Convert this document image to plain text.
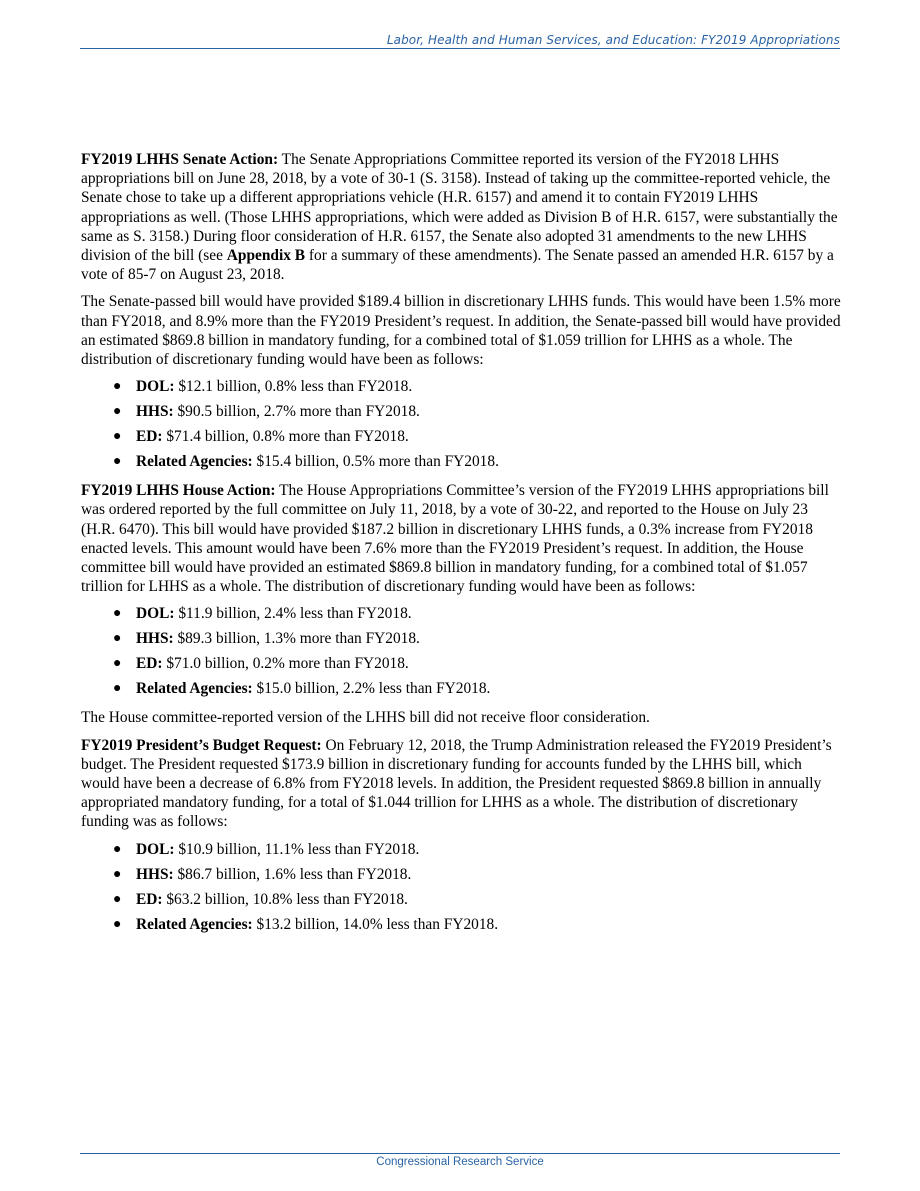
Labor, Health and Human Services, and Education: FY2019 Appropriations

FY2019 LHHS Senate Action: The Senate Appropriations Committee reported its version of the FY2018 LHHS appropriations bill on June 28, 2018, by a vote of 30-1 (S. 3158). Instead of taking up the committee-reported vehicle, the Senate chose to take up a different appropriations vehicle (H.R. 6157) and amend it to contain FY2019 LHHS appropriations as well. (Those LHHS appropriations, which were added as Division B of H.R. 6157, were substantially the same as S. 3158.) During floor consideration of H.R. 6157, the Senate also adopted 31 amendments to the new LHHS division of the bill (see Appendix B for a summary of these amendments). The Senate passed an amended H.R. 6157 by a vote of 85-7 on August 23, 2018.

The Senate-passed bill would have provided $189.4 billion in discretionary LHHS funds. This would have been 1.5% more than FY2018, and 8.9% more than the FY2019 President’s request. In addition, the Senate-passed bill would have provided an estimated $869.8 billion in mandatory funding, for a combined total of $1.059 trillion for LHHS as a whole. The distribution of discretionary funding would have been as follows:

● DOL: $12.1 billion, 0.8% less than FY2018.
● HHS: $90.5 billion, 2.7% more than FY2018.
● ED: $71.4 billion, 0.8% more than FY2018.
● Related Agencies: $15.4 billion, 0.5% more than FY2018.

FY2019 LHHS House Action: The House Appropriations Committee’s version of the FY2019 LHHS appropriations bill was ordered reported by the full committee on July 11, 2018, by a vote of 30-22, and reported to the House on July 23 (H.R. 6470). This bill would have provided $187.2 billion in discretionary LHHS funds, a 0.3% increase from FY2018 enacted levels. This amount would have been 7.6% more than the FY2019 President’s request. In addition, the House committee bill would have provided an estimated $869.8 billion in mandatory funding, for a combined total of $1.057 trillion for LHHS as a whole. The distribution of discretionary funding would have been as follows:

● DOL: $11.9 billion, 2.4% less than FY2018.
● HHS: $89.3 billion, 1.3% more than FY2018.
● ED: $71.0 billion, 0.2% more than FY2018.
● Related Agencies: $15.0 billion, 2.2% less than FY2018.

The House committee-reported version of the LHHS bill did not receive floor consideration.

FY2019 President’s Budget Request: On February 12, 2018, the Trump Administration released the FY2019 President’s budget. The President requested $173.9 billion in discretionary funding for accounts funded by the LHHS bill, which would have been a decrease of 6.8% from FY2018 levels. In addition, the President requested $869.8 billion in annually appropriated mandatory funding, for a total of $1.044 trillion for LHHS as a whole. The distribution of discretionary funding was as follows:

● DOL: $10.9 billion, 11.1% less than FY2018.
● HHS: $86.7 billion, 1.6% less than FY2018.
● ED: $63.2 billion, 10.8% less than FY2018.
● Related Agencies: $13.2 billion, 14.0% less than FY2018.
Congressional Research Service
